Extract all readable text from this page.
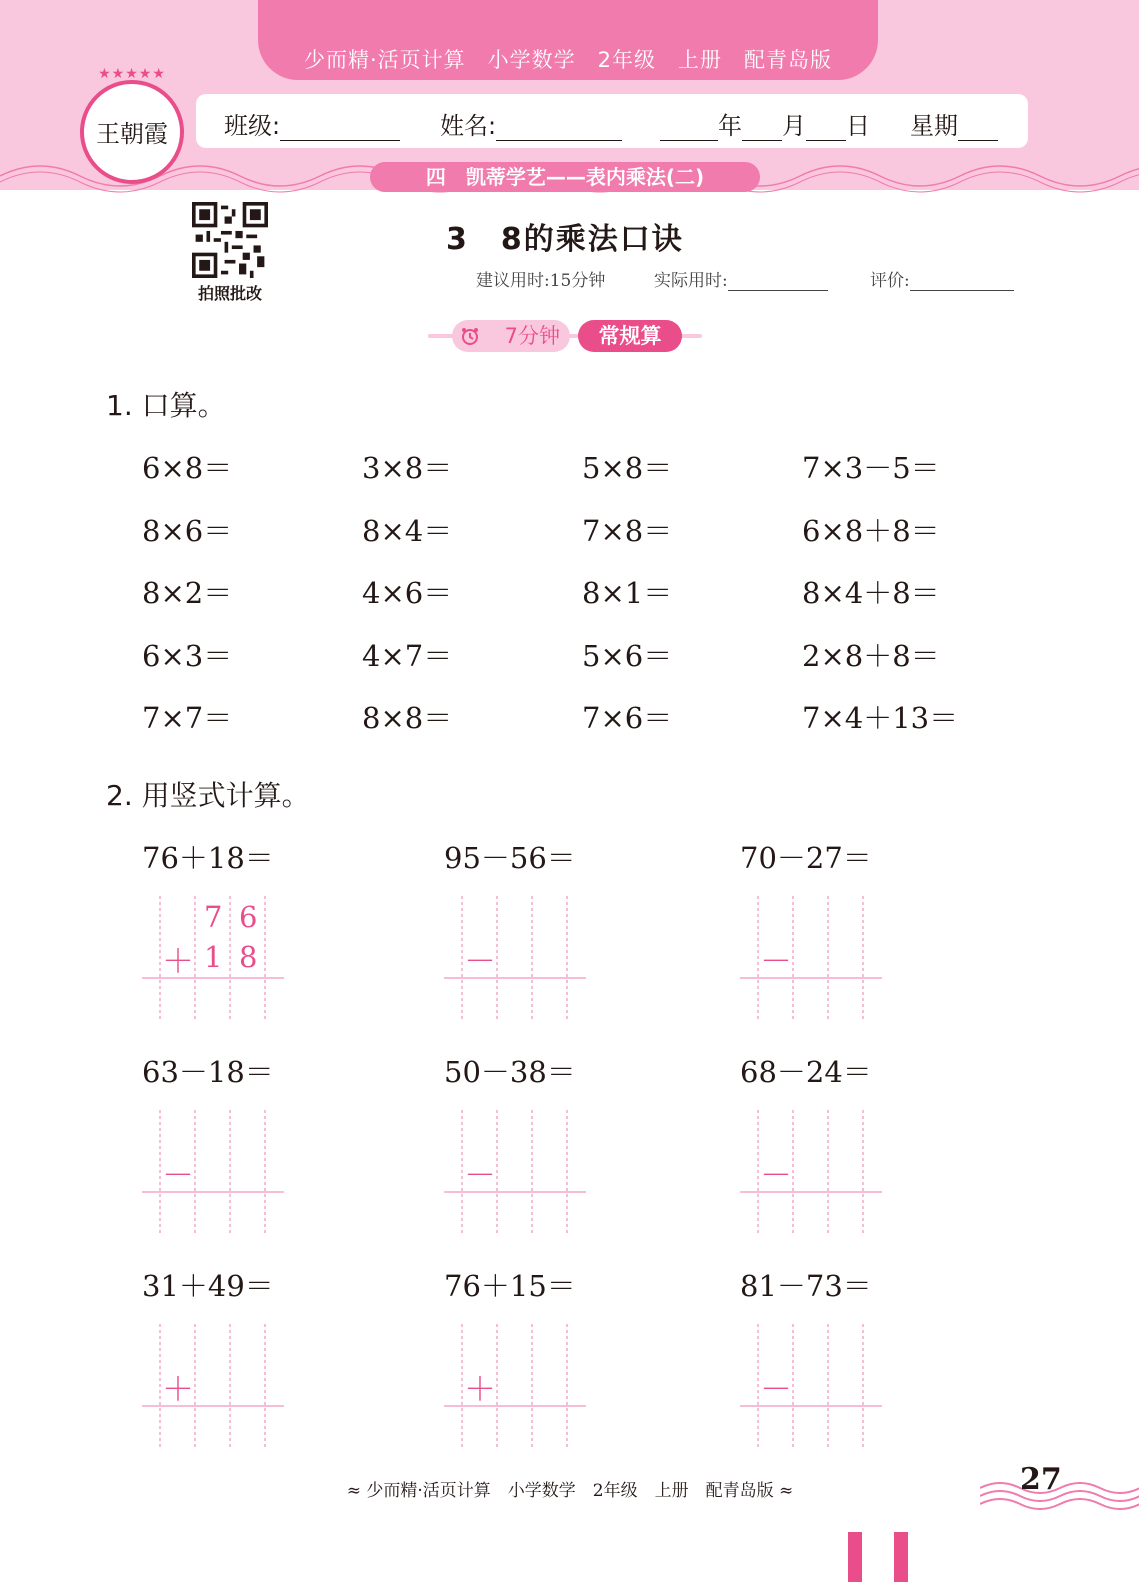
少而精·活页计算　小学数学　2年级　上册　配青岛版
★★★★★
王朝霞	班级:	姓名:	年 月 日 星期
四　凯蒂学艺——表内乘法(二)
拍照批改
3　8的乘法口诀
建议用时:15分钟	实际用时:	评价:
7分钟	常规算
1. 口算。
6×8＝	3×8＝	5×8＝	7×3－5＝
8×6＝	8×4＝	7×8＝	6×8＋8＝
8×2＝	4×6＝	8×1＝	8×4＋8＝
6×3＝	4×7＝	5×6＝	2×8＋8＝
7×7＝	8×8＝	7×6＝	7×4＋13＝
2. 用竖式计算。
76＋18＝
＋
7 6
1 8
95－56＝
－
70－27＝
－
63－18＝
－
50－38＝
－
68－24＝
－
31＋49＝
＋
76＋15＝
＋
81－73＝
－
≈ 少而精·活页计算　小学数学　2年级　上册　配青岛版 ≈	27
